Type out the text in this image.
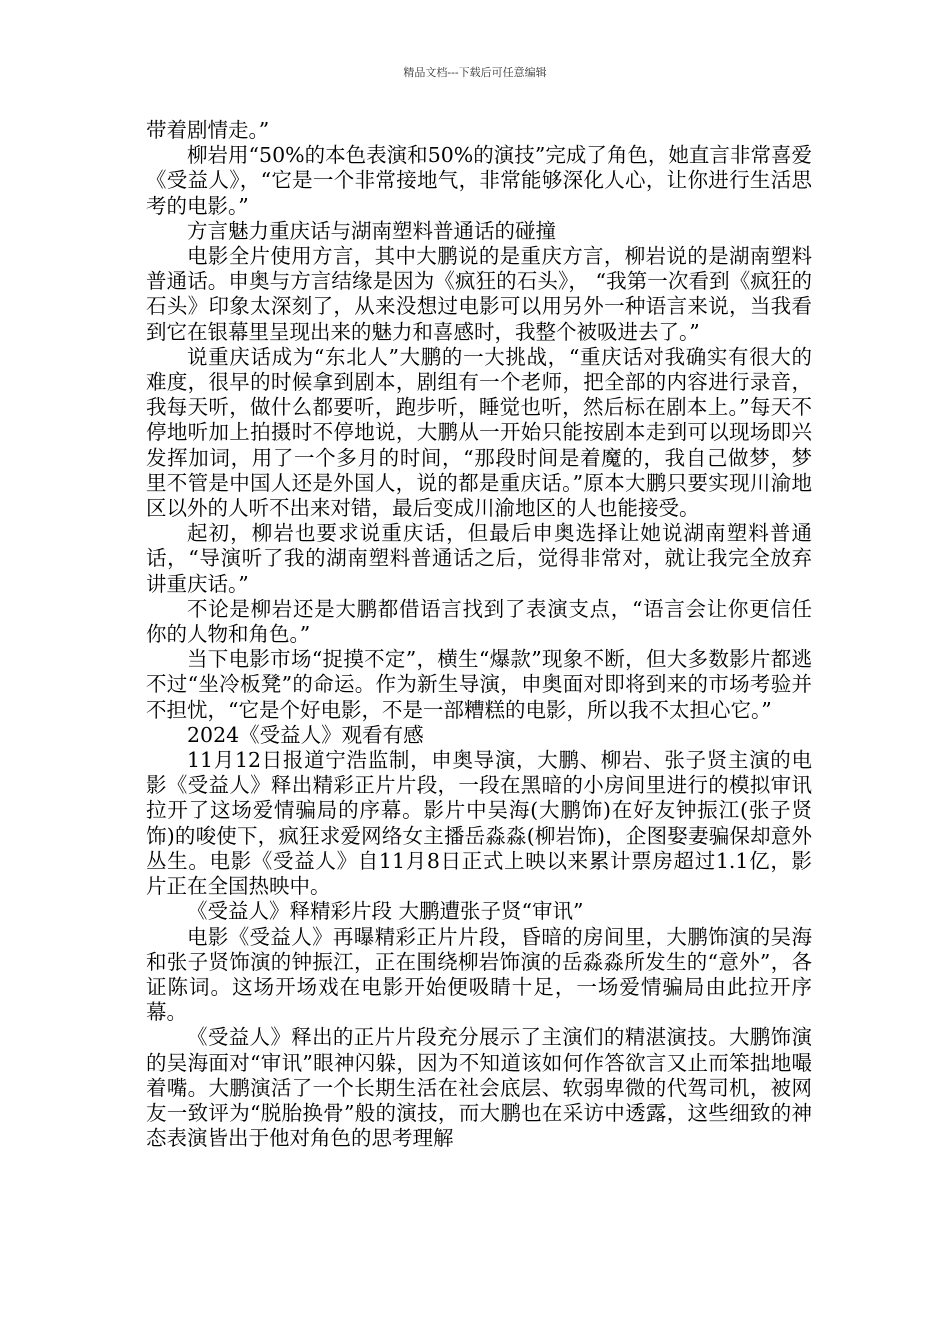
精品文档---下载后可任意编辑

带着剧情走。”

柳岩用“50%的本色表演和50%的演技”完成了角色，她直言非常喜爱《受益人》，“它是一个非常接地气，非常能够深化人心，让你进行生活思考的电影。”

方言魅力重庆话与湖南塑料普通话的碰撞

电影全片使用方言，其中大鹏说的是重庆方言，柳岩说的是湖南塑料普通话。申奥与方言结缘是因为《疯狂的石头》， “我第一次看到《疯狂的石头》印象太深刻了，从来没想过电影可以用另外一种语言来说，当我看到它在银幕里呈现出来的魅力和喜感时，我整个被吸进去了。”

说重庆话成为“东北人”大鹏的一大挑战，“重庆话对我确实有很大的难度，很早的时候拿到剧本，剧组有一个老师，把全部的内容进行录音，我每天听，做什么都要听，跑步听，睡觉也听，然后标在剧本上。”每天不停地听加上拍摄时不停地说，大鹏从一开始只能按剧本走到可以现场即兴发挥加词，用了一个多月的时间，“那段时间是着魔的，我自己做梦，梦里不管是中国人还是外国人，说的都是重庆话。”原本大鹏只要实现川渝地区以外的人听不出来对错，最后变成川渝地区的人也能接受。

起初，柳岩也要求说重庆话，但最后申奥选择让她说湖南塑料普通话，“导演听了我的湖南塑料普通话之后，觉得非常对，就让我完全放弃讲重庆话。”

不论是柳岩还是大鹏都借语言找到了表演支点，“语言会让你更信任你的人物和角色。”

当下电影市场“捉摸不定”，横生“爆款”现象不断，但大多数影片都逃不过“坐冷板凳”的命运。作为新生导演，申奥面对即将到来的市场考验并不担忧，“它是个好电影，不是一部糟糕的电影，所以我不太担心它。”

2024《受益人》观看有感

11月12日报道宁浩监制，申奥导演，大鹏、柳岩、张子贤主演的电影《受益人》释出精彩正片片段，一段在黑暗的小房间里进行的模拟审讯拉开了这场爱情骗局的序幕。影片中吴海(大鹏饰)在好友钟振江(张子贤饰)的唆使下，疯狂求爱网络女主播岳淼淼(柳岩饰)，企图娶妻骗保却意外丛生。电影《受益人》自11月8日正式上映以来累计票房超过1.1亿，影片正在全国热映中。

《受益人》释精彩片段 大鹏遭张子贤“审讯”

电影《受益人》再曝精彩正片片段，昏暗的房间里，大鹏饰演的吴海和张子贤饰演的钟振江，正在围绕柳岩饰演的岳淼淼所发生的“意外”，各证陈词。这场开场戏在电影开始便吸睛十足，一场爱情骗局由此拉开序幕。

《受益人》释出的正片片段充分展示了主演们的精湛演技。大鹏饰演的吴海面对“审讯”眼神闪躲，因为不知道该如何作答欲言又止而笨拙地嘬着嘴。大鹏演活了一个长期生活在社会底层、软弱卑微的代驾司机，被网友一致评为“脱胎换骨”般的演技，而大鹏也在采访中透露，这些细致的神态表演皆出于他对角色的思考理解
